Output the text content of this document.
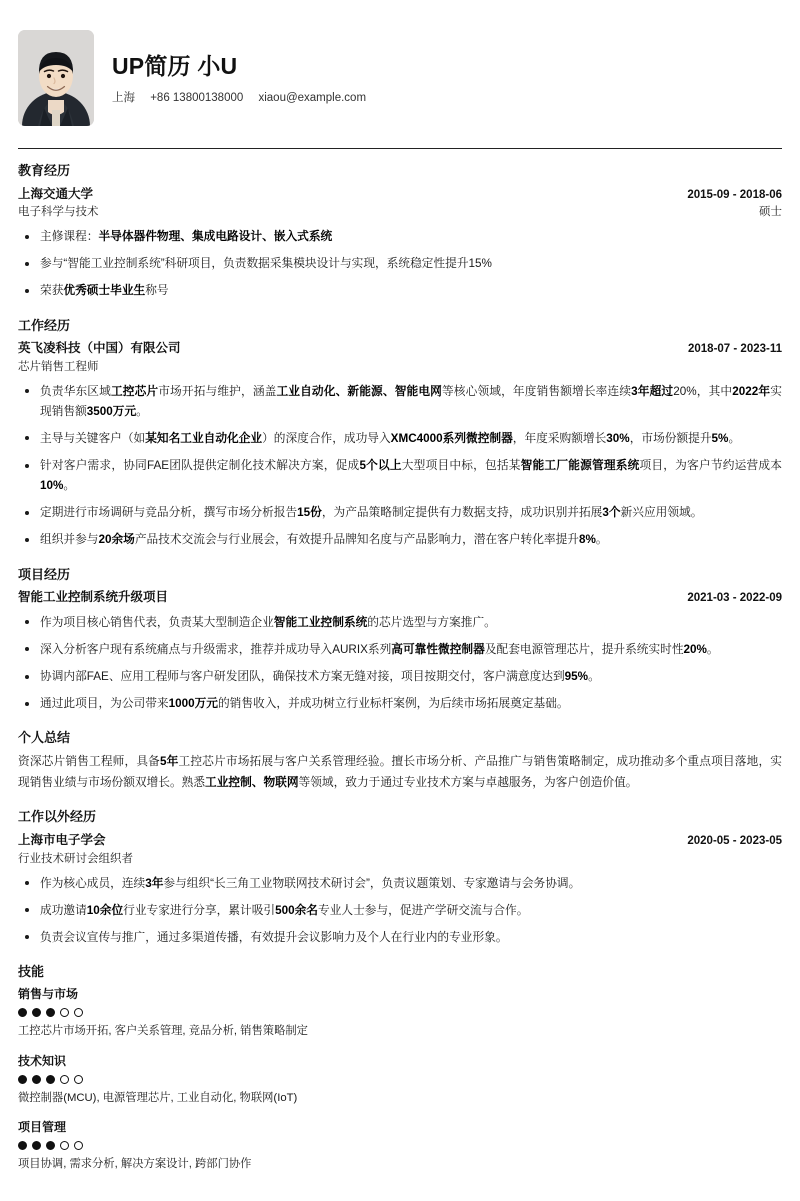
UP简历 小U
上海 +86 13800138000 xiaou@example.com
教育经历
上海交通大学	2015-09 - 2018-06
电子科学与技术	硕士
主修课程：半导体器件物理、集成电路设计、嵌入式系统
参与“智能工业控制系统”科研项目，负责数据采集模块设计与实现，系统稳定性提升15%
荣获优秀硕士毕业生称号
工作经历
英飞凌科技（中国）有限公司	2018-07 - 2023-11
芯片销售工程师
负责华东区域工控芯片市场开拓与维护，涵盖工业自动化、新能源、智能电网等核心领域，年度销售额增长率连续3年超过20%，其中2022年实现销售额3500万元。
主导与关键客户（如某知名工业自动化企业）的深度合作，成功导入XMC4000系列微控制器，年度采购额增长30%，市场份额提升5%。
针对客户需求，协同FAE团队提供定制化技术解决方案，促成5个以上大型项目中标，包括某智能工厂能源管理系统项目，为客户节约运营成本10%。
定期进行市场调研与竞品分析，撰写市场分析报告15份，为产品策略制定提供有力数据支持，成功识别并拓展3个新兴应用领域。
组织并参与20余场产品技术交流会与行业展会，有效提升品牌知名度与产品影响力，潜在客户转化率提升8%。
项目经历
智能工业控制系统升级项目	2021-03 - 2022-09
作为项目核心销售代表，负责某大型制造企业智能工业控制系统的芯片选型与方案推广。
深入分析客户现有系统痛点与升级需求，推荐并成功导入AURIX系列高可靠性微控制器及配套电源管理芯片，提升系统实时性20%。
协调内部FAE、应用工程师与客户研发团队，确保技术方案无缝对接，项目按期交付，客户满意度达到95%。
通过此项目，为公司带来1000万元的销售收入，并成功树立行业标杆案例，为后续市场拓展奠定基础。
个人总结

资深芯片销售工程师，具备5年工控芯片市场拓展与客户关系管理经验。擅长市场分析、产品推广与销售策略制定，成功推动多个重点项目落地，实现销售业绩与市场份额双增长。熟悉工业控制、物联网等领域，致力于通过专业技术方案与卓越服务，为客户创造价值。

工作以外经历
上海市电子学会	2020-05 - 2023-05
行业技术研讨会组织者
作为核心成员，连续3年参与组织“长三角工业物联网技术研讨会”，负责议题策划、专家邀请与会务协调。
成功邀请10余位行业专家进行分享，累计吸引500余名专业人士参与，促进产学研交流与合作。
负责会议宣传与推广，通过多渠道传播，有效提升会议影响力及个人在行业内的专业形象。
技能
销售与市场
工控芯片市场开拓, 客户关系管理, 竞品分析, 销售策略制定
技术知识
微控制器(MCU), 电源管理芯片, 工业自动化, 物联网(IoT)
项目管理
项目协调, 需求分析, 解决方案设计, 跨部门协作
